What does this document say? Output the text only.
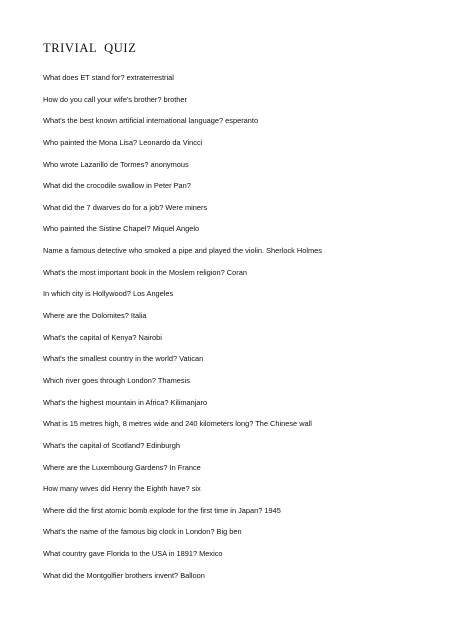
TRIVIAL  QUIZ
What does ET stand for? extraterrestrial
How do you call your wife's brother? brother
What's the best known artificial international language? esperanto
Who painted the Mona Lisa? Leonardo da Vincci
Who wrote Lazarillo de Tormes? anonymous
What did the crocodile swallow in Peter Pan?
What did the 7 dwarves do for a job? Were miners
Who painted the Sistine Chapel? Miquel Angelo
Name a famous detective who smoked a pipe and played the violin. Sherlock Holmes
What's the most important book in the Moslem religion? Coran
In which city is Hollywood? Los Angeles
Where are the Dolomites? Italia
What's the capital of Kenya? Nairobi
What's the smallest country in the world? Vatican
Which river goes through London? Thamesis
What's the highest mountain in Africa? Kilimanjaro
What is 15 metres high, 8 metres wide and 240 kilometers long? The Chinese wall
What's the capital of Scotland? Edinburgh
Where are the Luxembourg Gardens? In France
How many wives did Henry the Eighth have? six
Where did the first atomic bomb explode for the first time in Japan? 1945
What's the name of the famous big clock in London? Big ben
What country gave Florida to the USA in 1891? Mexico
What did the Montgolfier brothers invent? Balloon
